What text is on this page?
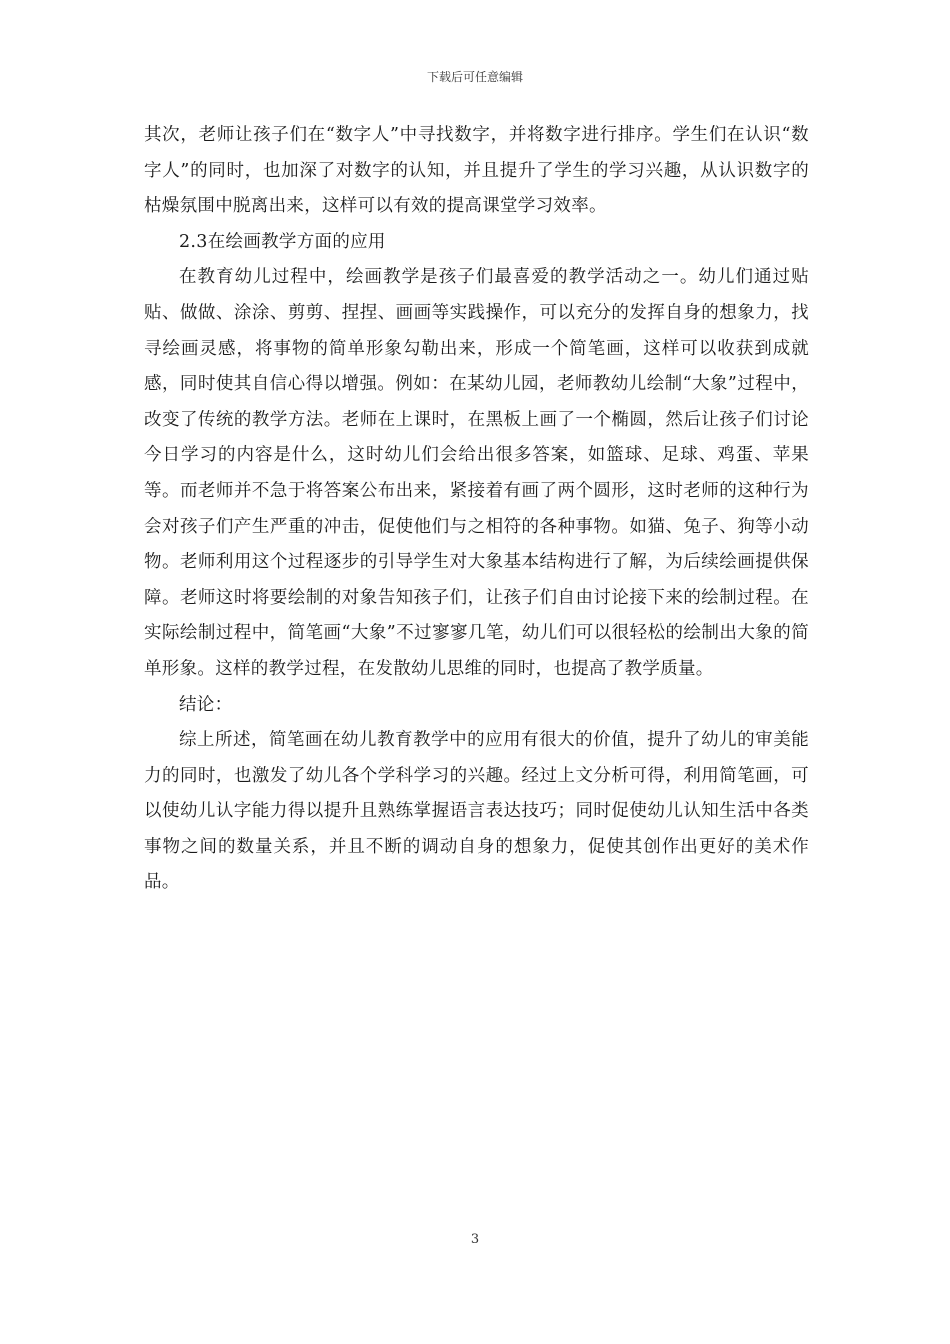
下载后可任意编辑

其次，老师让孩子们在“数字人”中寻找数字，并将数字进行排序。学生们在认识“数字人”的同时，也加深了对数字的认知，并且提升了学生的学习兴趣，从认识数字的枯燥氛围中脱离出来，这样可以有效的提高课堂学习效率。

2.3在绘画教学方面的应用

在教育幼儿过程中，绘画教学是孩子们最喜爱的教学活动之一。幼儿们通过贴贴、做做、涂涂、剪剪、捏捏、画画等实践操作，可以充分的发挥自身的想象力，找寻绘画灵感，将事物的简单形象勾勒出来，形成一个简笔画，这样可以收获到成就感，同时使其自信心得以增强。例如：在某幼儿园，老师教幼儿绘制“大象”过程中，改变了传统的教学方法。老师在上课时，在黑板上画了一个椭圆，然后让孩子们讨论今日学习的内容是什么，这时幼儿们会给出很多答案，如篮球、足球、鸡蛋、苹果等。而老师并不急于将答案公布出来，紧接着有画了两个圆形，这时老师的这种行为会对孩子们产生严重的冲击，促使他们与之相符的各种事物。如猫、兔子、狗等小动物。老师利用这个过程逐步的引导学生对大象基本结构进行了解，为后续绘画提供保障。老师这时将要绘制的对象告知孩子们，让孩子们自由讨论接下来的绘制过程。在实际绘制过程中，简笔画“大象”不过寥寥几笔，幼儿们可以很轻松的绘制出大象的简单形象。这样的教学过程，在发散幼儿思维的同时，也提高了教学质量。

结论：

综上所述，简笔画在幼儿教育教学中的应用有很大的价值，提升了幼儿的审美能力的同时，也激发了幼儿各个学科学习的兴趣。经过上文分析可得，利用简笔画，可以使幼儿认字能力得以提升且熟练掌握语言表达技巧；同时促使幼儿认知生活中各类事物之间的数量关系，并且不断的调动自身的想象力，促使其创作出更好的美术作品。

3
